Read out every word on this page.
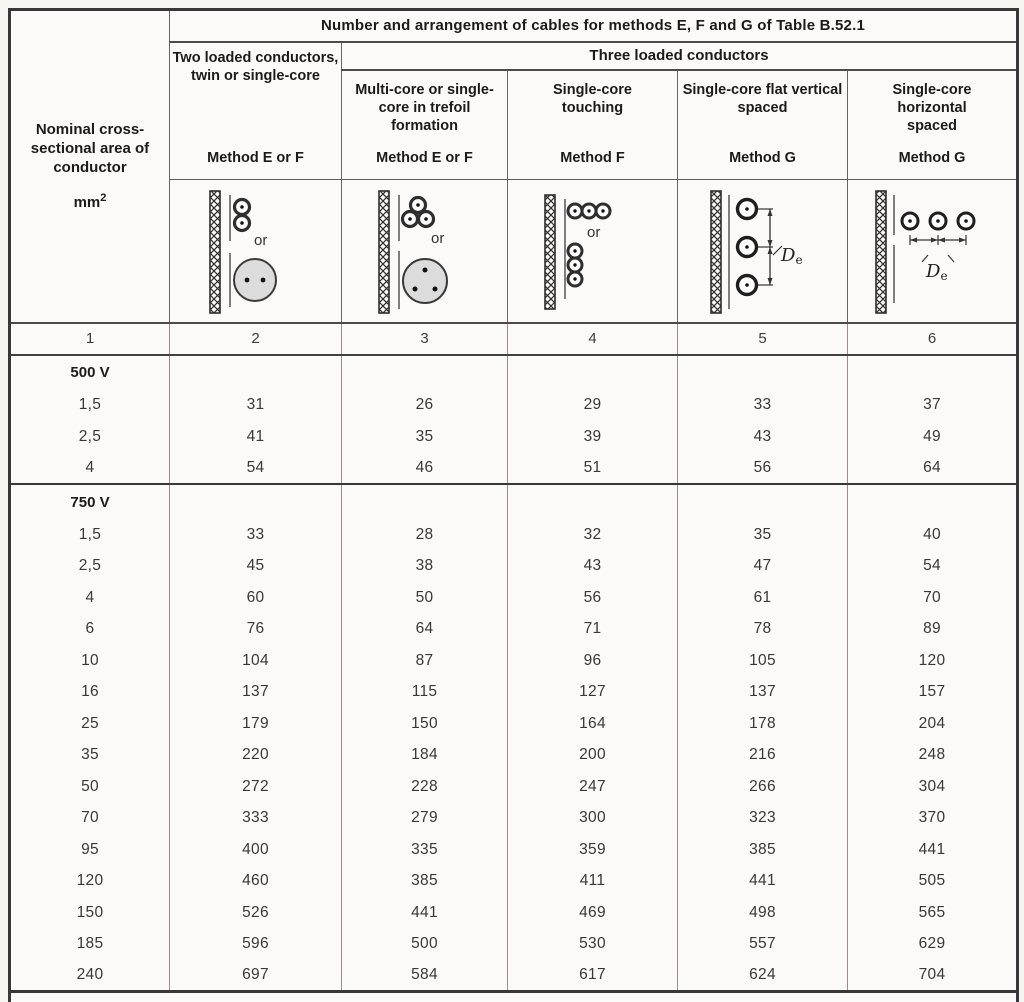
Nominal cross-sectional area of conductor
$mm^2$	Number and arrangement of cables for methods E, F and G of Table B.52.1				

	Two loaded conductors, twin or single-core
Method E or F	Three loaded conductors			

Multi-core or single-core in trefoil formation
Method E or F

Single-core touching
Method F

Single-core flat vertical spaced
Method G

Single-core horizontal spaced
Method G

or	or	or	De	De

1	2	3	4	5	6
500 V					
1,5	31	26	29	33	37
2,5	41	35	39	43	49
4	54	46	51	56	64
750 V					
1,5	33	28	32	35	40
2,5	45	38	43	47	54
4	60	50	56	61	70
6	76	64	71	78	89
10	104	87	96	105	120
16	137	115	127	137	157
25	179	150	164	178	204
35	220	184	200	216	248
50	272	228	247	266	304
70	333	279	300	323	370
95	400	335	359	385	441
120	460	385	411	441	505
150	526	441	469	498	565
185	596	500	530	557	629
240	697	584	617	624	704
